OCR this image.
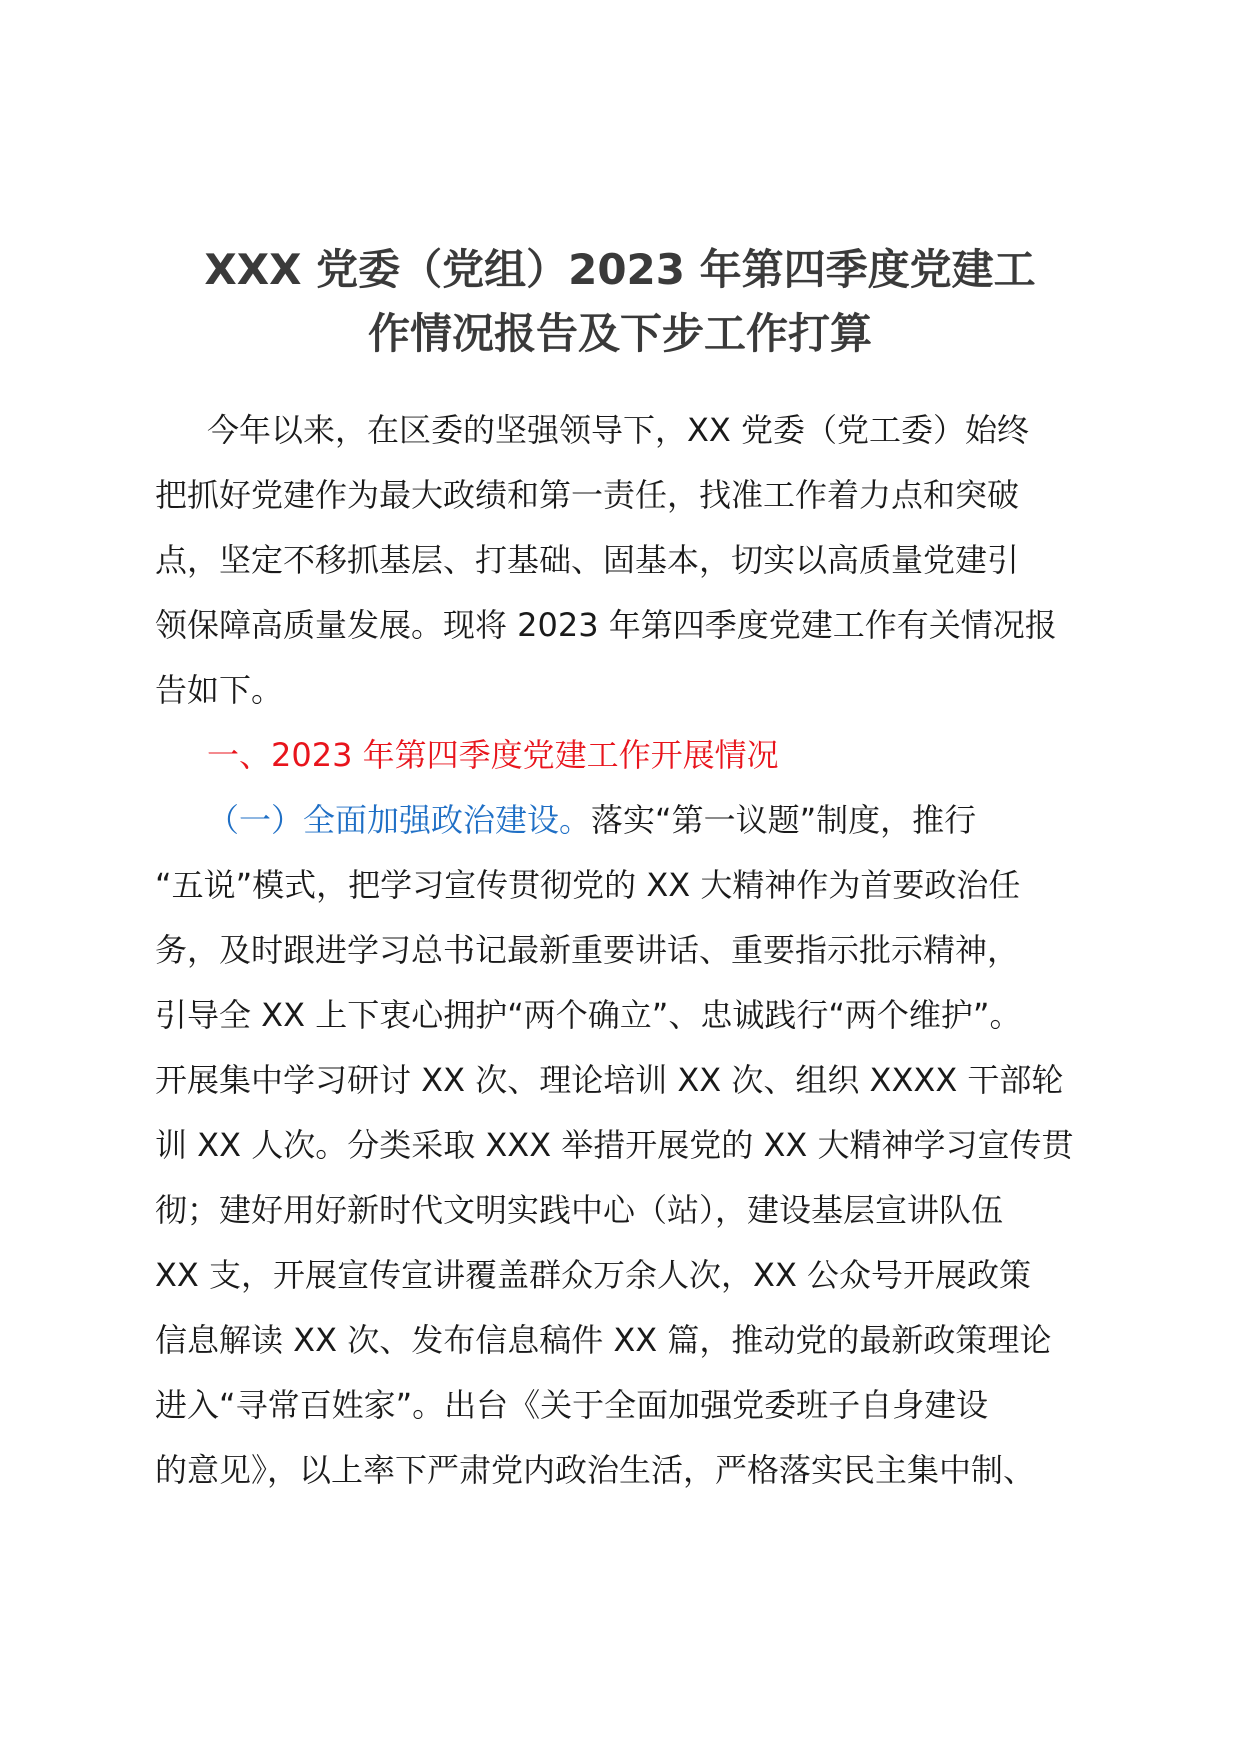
XXX 党委（党组）2023 年第四季度党建工
作情况报告及下步工作打算
今年以来，在区委的坚强领导下，XX 党委（党工委）始终
把抓好党建作为最大政绩和第一责任，找准工作着力点和突破
点，坚定不移抓基层、打基础、固基本，切实以高质量党建引
领保障高质量发展。现将 2023 年第四季度党建工作有关情况报
告如下。
一、2023 年第四季度党建工作开展情况
（一）全面加强政治建设。落实“第一议题”制度，推行
“五说”模式，把学习宣传贯彻党的 XX 大精神作为首要政治任
务，及时跟进学习总书记最新重要讲话、重要指示批示精神，
引导全 XX 上下衷心拥护“两个确立”、忠诚践行“两个维护”。
开展集中学习研讨 XX 次、理论培训 XX 次、组织 XXXX 干部轮
训 XX 人次。分类采取 XXX 举措开展党的 XX 大精神学习宣传贯
彻；建好用好新时代文明实践中心（站），建设基层宣讲队伍
XX 支，开展宣传宣讲覆盖群众万余人次，XX 公众号开展政策
信息解读 XX 次、发布信息稿件 XX 篇，推动党的最新政策理论
进入“寻常百姓家”。出台《关于全面加强党委班子自身建设
的意见》，以上率下严肃党内政治生活，严格落实民主集中制、
